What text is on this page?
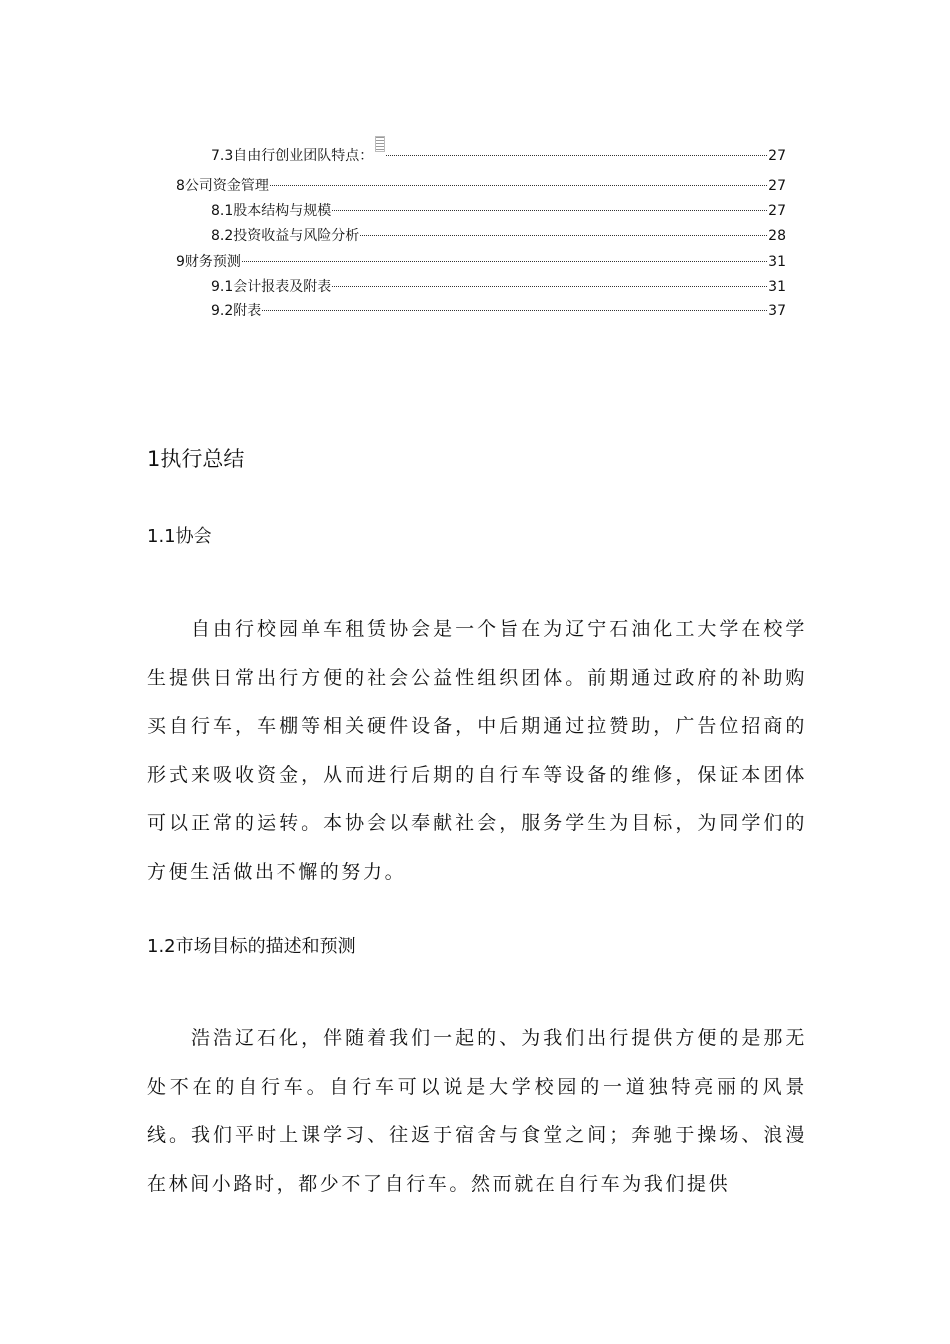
7.3自由行创业团队特点：	27
8公司资金管理	27
8.1股本结构与规模	27
8.2投资收益与风险分析	28
9财务预测	31
9.1会计报表及附表	31
9.2附表	37
1执行总结
1.1协会

自由行校园单车租赁协会是一个旨在为辽宁石油化工大学在校学生提供日常出行方便的社会公益性组织团体。前期通过政府的补助购买自行车，车棚等相关硬件设备，中后期通过拉赞助，广告位招商的形式来吸收资金，从而进行后期的自行车等设备的维修，保证本团体可以正常的运转。本协会以奉献社会，服务学生为目标，为同学们的方便生活做出不懈的努力。

1.2市场目标的描述和预测

浩浩辽石化，伴随着我们一起的、为我们出行提供方便的是那无处不在的自行车。自行车可以说是大学校园的一道独特亮丽的风景线。我们平时上课学习、往返于宿舍与食堂之间；奔驰于操场、浪漫在林间小路时，都少不了自行车。然而就在自行车为我们提供
